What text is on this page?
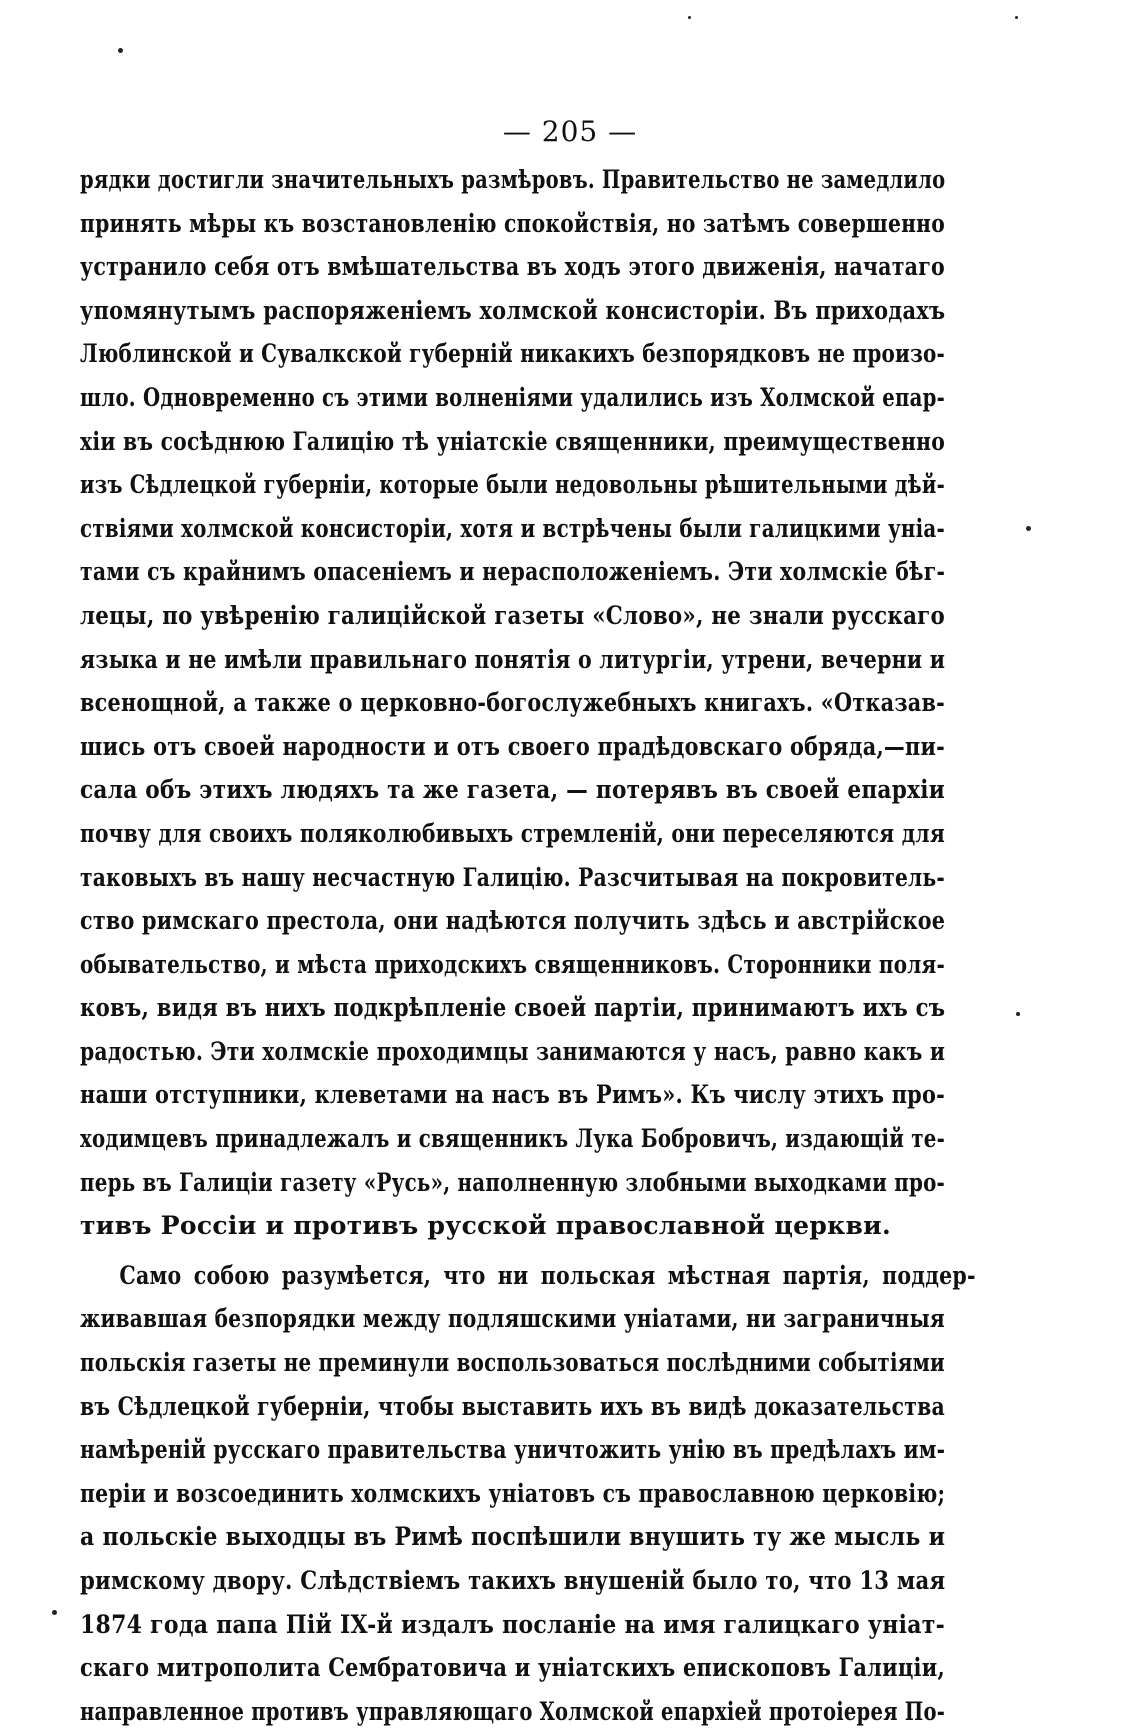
— 205 —
рядки достигли значительныхъ размѣровъ. Правительство не замедлило
принять мѣры къ возстановленію спокойствія, но затѣмъ совершенно
устранило себя отъ вмѣшательства въ ходъ этого движенія, начатаго
упомянутымъ распоряженіемъ холмской консисторіи. Въ приходахъ
Люблинской и Сувалкской губерній никакихъ безпорядковъ не произо-
шло. Одновременно съ этими волненіями удалились изъ Холмской епар-
хіи въ сосѣднюю Галицію тѣ уніатскіе священники, преимущественно
изъ Сѣдлецкой губерніи, которые были недовольны рѣшительными дѣй-
ствіями холмской консисторіи, хотя и встрѣчены были галицкими уніа-
тами съ крайнимъ опасеніемъ и нерасположеніемъ. Эти холмскіе бѣг-
лецы, по увѣренію галиційской газеты «Слово», не знали русскаго
языка и не имѣли правильнаго понятія о литургіи, утрени, вечерни и
всенощной, а также о церковно-богослужебныхъ книгахъ. «Отказав-
шись отъ своей народности и отъ своего прадѣдовскаго обряда,—пи-
сала объ этихъ людяхъ та же газета, — потерявъ въ своей епархіи
почву для своихъ поляколюбивыхъ стремленій, они переселяются для
таковыхъ въ нашу несчастную Галицію. Разсчитывая на покровитель-
ство римскаго престола, они надѣются получить здѣсь и австрійское
обывательство, и мѣста приходскихъ священниковъ. Сторонники поля-
ковъ, видя въ нихъ подкрѣпленіе своей партіи, принимаютъ ихъ съ
радостью. Эти холмскіе проходимцы занимаются у насъ, равно какъ и
наши отступники, клеветами на насъ въ Римъ». Къ числу этихъ про-
ходимцевъ принадлежалъ и священникъ Лука Бобровичъ, издающій те-
перь въ Галиціи газету «Русь», наполненную злобными выходками про-
тивъ Россіи и противъ русской православной церкви.
Само собою разумѣется, что ни польская мѣстная партія, поддер-
живавшая безпорядки между подляшскими уніатами, ни заграничныя
польскія газеты не преминули воспользоваться послѣдними событіями
въ Сѣдлецкой губерніи, чтобы выставить ихъ въ видѣ доказательства
намѣреній русскаго правительства уничтожить унію въ предѣлахъ им-
періи и возсоединить холмскихъ уніатовъ съ православною церковію;
а польскіе выходцы въ Римѣ поспѣшили внушить ту же мысль и
римскому двору. Слѣдствіемъ такихъ внушеній было то, что 13 мая
1874 года папа Пій IX-й издалъ посланіе на имя галицкаго уніат-
скаго митрополита Сембратовича и уніатскихъ епископовъ Галиціи,
направленное противъ управляющаго Холмской епархіей протоіерея По-
